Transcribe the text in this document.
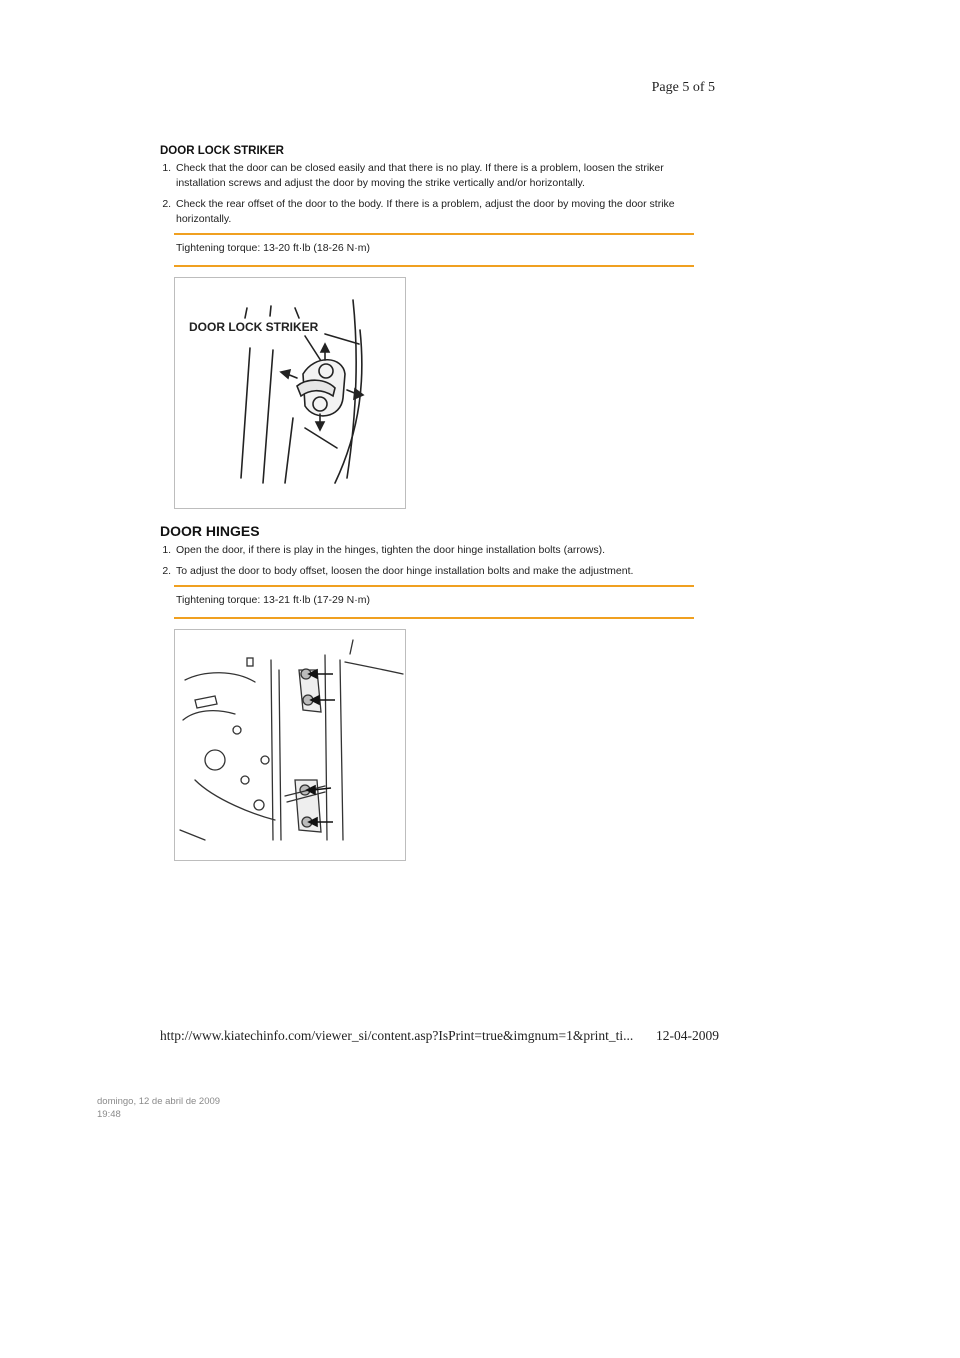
Page 5 of 5
DOOR LOCK STRIKER
1. Check that the door can be closed easily and that there is no play. If there is a problem, loosen the striker installation screws and adjust the door by moving the strike vertically and/or horizontally.
2. Check the rear offset of the door to the body. If there is a problem, adjust the door by moving the door strike horizontally.
Tightening torque: 13-20 ft·lb (18-26 N·m)
DOOR LOCK STRIKER
DOOR HINGES
1. Open the door, if there is play in the hinges, tighten the door hinge installation bolts (arrows).
2. To adjust the door to body offset, loosen the door hinge installation bolts and make the adjustment.
Tightening torque: 13-21 ft·lb (17-29 N·m)
http://www.kiatechinfo.com/viewer_si/content.asp?IsPrint=true&imgnum=1&print_ti... 12-04-2009
domingo, 12 de abril de 2009
19:48
